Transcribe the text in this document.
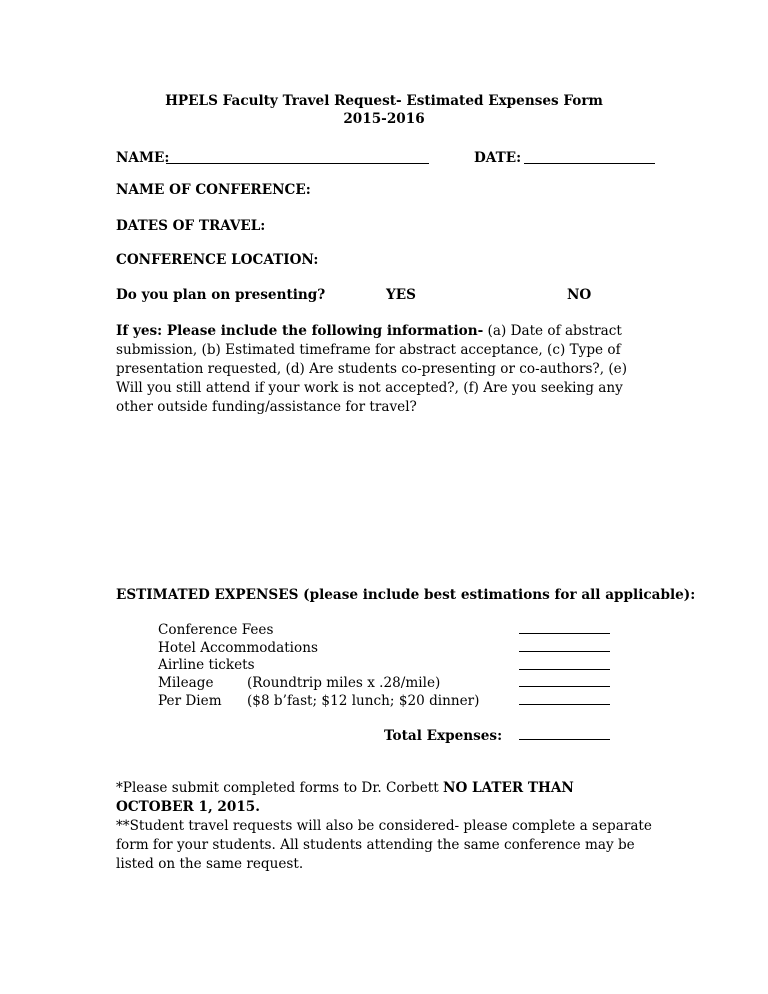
HPELS Faculty Travel Request- Estimated Expenses Form
2015-2016
NAME:	DATE:
NAME OF CONFERENCE:
DATES OF TRAVEL:
CONFERENCE LOCATION:
Do you plan on presenting?	YES	NO
If yes: Please include the following information- (a) Date of abstract submission, (b) Estimated timeframe for abstract acceptance, (c) Type of presentation requested, (d) Are students co-presenting or co-authors?, (e) Will you still attend if your work is not accepted?, (f) Are you seeking any other outside funding/assistance for travel?
ESTIMATED EXPENSES (please include best estimations for all applicable):
Conference Fees
Hotel Accommodations
Airline tickets
Mileage (Roundtrip miles x .28/mile)
Per Diem ($8 b’fast; $12 lunch; $20 dinner)
Total Expenses:
*Please submit completed forms to Dr. Corbett NO LATER THAN OCTOBER 1, 2015.
**Student travel requests will also be considered- please complete a separate form for your students. All students attending the same conference may be listed on the same request.
